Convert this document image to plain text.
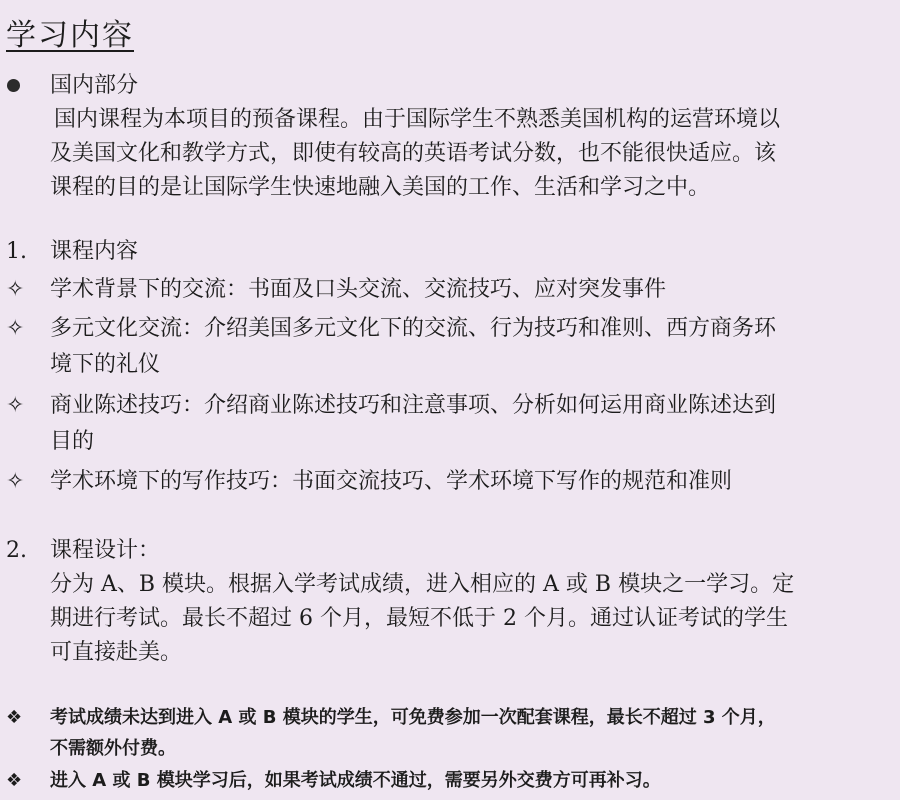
学习内容
国内部分
国内课程为本项目的预备课程。由于国际学生不熟悉美国机构的运营环境以
及美国文化和教学方式，即使有较高的英语考试分数，也不能很快适应。该
课程的目的是让国际学生快速地融入美国的工作、生活和学习之中。
1. 课程内容
✧ 学术背景下的交流：书面及口头交流、交流技巧、应对突发事件
✧ 多元文化交流：介绍美国多元文化下的交流、行为技巧和准则、西方商务环
境下的礼仪
✧ 商业陈述技巧：介绍商业陈述技巧和注意事项、分析如何运用商业陈述达到
目的
✧ 学术环境下的写作技巧：书面交流技巧、学术环境下写作的规范和准则
2. 课程设计：
分为 A、B 模块。根据入学考试成绩，进入相应的 A 或 B 模块之一学习。定
期进行考试。最长不超过 6 个月，最短不低于 2 个月。通过认证考试的学生
可直接赴美。
❖ 考试成绩未达到进入 A 或 B 模块的学生，可免费参加一次配套课程，最长不超过 3 个月，
不需额外付费。
❖ 进入 A 或 B 模块学习后，如果考试成绩不通过，需要另外交费方可再补习。
